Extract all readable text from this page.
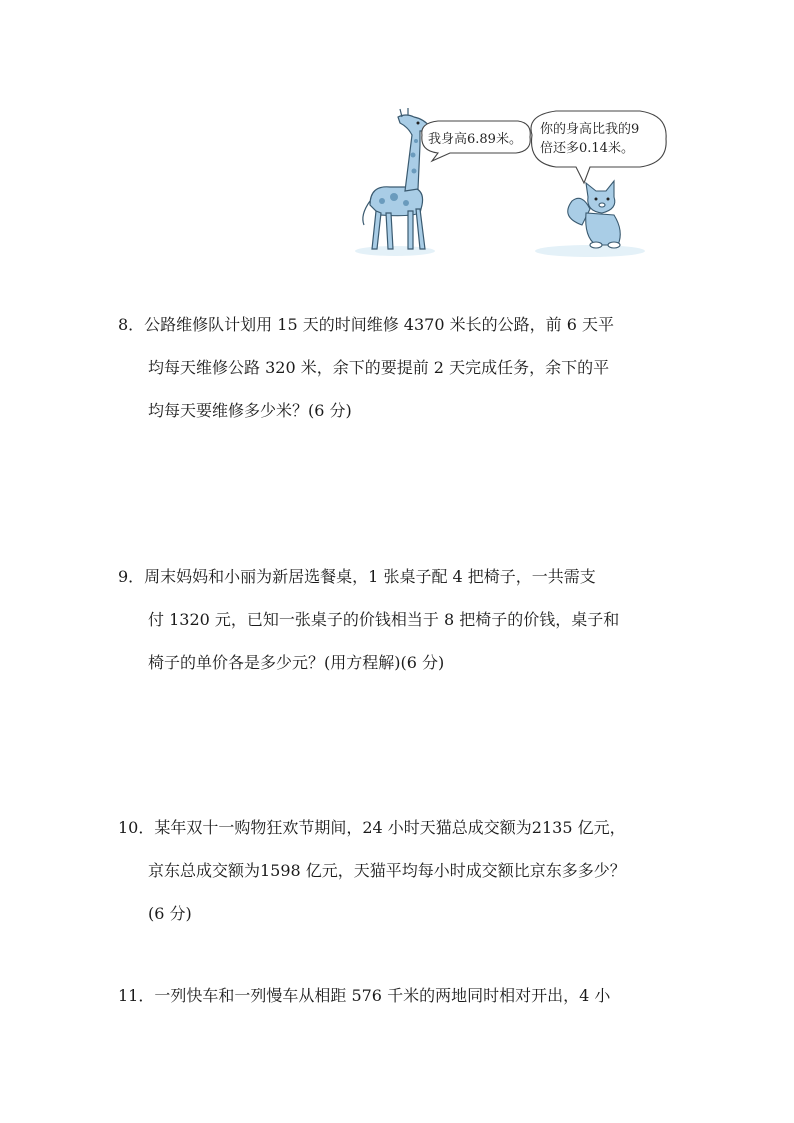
我身高6.89米。
你的身高比我的9
倍还多0.14米。
8．公路维修队计划用 15 天的时间维修 4370 米长的公路，前 6 天平
均每天维修公路 320 米，余下的要提前 2 天完成任务，余下的平
均每天要维修多少米？(6 分)
9．周末妈妈和小丽为新居选餐桌，1 张桌子配 4 把椅子，一共需支
付 1320 元，已知一张桌子的价钱相当于 8 把椅子的价钱，桌子和
椅子的单价各是多少元？(用方程解)(6 分)
10．某年双十一购物狂欢节期间，24 小时天猫总成交额为2135 亿元，
京东总成交额为1598 亿元，天猫平均每小时成交额比京东多多少？
(6 分)
11．一列快车和一列慢车从相距 576 千米的两地同时相对开出，4 小
